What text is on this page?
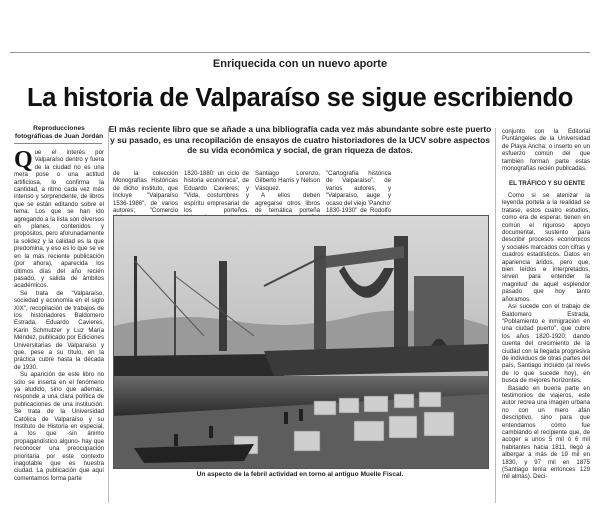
Enriquecida con un nuevo aporte
La historia de Valparaíso se sigue escribiendo
Reproducciones fotográficas de Juan Jordán
El más reciente libro que se añade a una bibliografía cada vez más abundante sobre este puerto y su pasado, es una recopilación de ensayos de cuatro historiadores de la UCV sobre aspectos de su vida económica y social, de gran riqueza de datos.

Que el interés por Valparaíso dentro y fuera de la ciudad no es una mera pose o una actitud artificiosa, lo confirma la cantidad, a ritmo cada vez más intenso y sorprendente, de libros que se están editando sobre el tema. Los que se han ido agregando a la lista son diversos en planes, contenidos y propósitos, pero aforunadamente la solidez y la calidad es la que predomina, y eso es lo que se ve en la más reciente publicación (por ahora), aparecida los últimos días del año recién pasado, y salida de ámbitos académicos.

Se trata de "Valparaíso, sociedad y economía en el siglo XIX", recopilación de trabajos de los historiadores Baldomero Estrada, Eduardo Cavieres, Karin Schmutzer y Luz María Méndez, publicado por Ediciones Universitarias de Valparaíso y que, pese a su título, en la práctica cubre hasta la década de 1930.

Su aparición de este libro no sólo se inserta en el fenómeno ya aludido, sino que además, responde a una clara política de publicaciones de una institución. Se trata de la Universidad Católica de Valparaíso y su Instituto de Historia en especial, a los que -sin ánimo propagandístico alguno- hay que reconocer una preocupación prioritaria por este contexto inagotable que es nuestra ciudad. La publicación que aquí comentamos forma parte

de la colección Monografías Históricas de dicho instituto, que incluye "Valparaíso 1536-1986", de varios autores; "Comercio
1820-1880: un ciclo de historia económica", de Eduardo Cavieres; y "Vida, costumbres y espíritu empresarial de los porteños.

Santiago Lorenzo, Gilberto Harris y Nelson Vásquez.

A ellos deben agregarse otros libros de temática porteña

"Cartografía histórica de Valparaíso", de varios autores, y "Valparaíso, auge y ocaso del viejo 'Pancho' 1830-1930" de Rodolfo
Un aspecto de la febril actividad en torno al antiguo Muelle Fiscal.

conjunto con la Editorial Puntángeles de la Universidad de Playa Ancha; o inserto en un esfuerzo común del que también forman parte estas monografías recién publicadas.

EL TRÁFICO Y SU GENTE

Como si se atenizar la leyenda portela a la realidad se tratase, estos cuatro estudios, como era de esperar, tienen en común el riguroso apoyo documental, sustento para describir procesos económicos y sociales marcados con cifras y cuadros estadísticos. Datos en apariencia áridos, pero que, bien leídos e interpretados, sirven para entender la magnitud de aquel esplendor pasado que hoy tanto añoramos.

Así sucede con el trabajo de Baldomero Estrada, "Poblamiento e inmigración en una ciudad puerto", que cubre los años 1820-1920, dando cuenta del crecimiento de la ciudad con la llegada progresiva de individuos de otras partes del país, Santiago incluido (al revés de lo que sucede hoy), en busca de mejores horizontes.

Basado en buena parte en testimonios de viajeros, este autor recrea una imagen urbana no con un mero afán descriptivo, sino para que entendamos cómo fue cambiando el recipiente que, de acoger a unos 5 mil ó 6 mil habitantes hacia 1811, llegó a albergar a más de 19 mil en 1830, y 97 mil en 1875 (Santiago tenía entonces 129 mil almas). Deci-
